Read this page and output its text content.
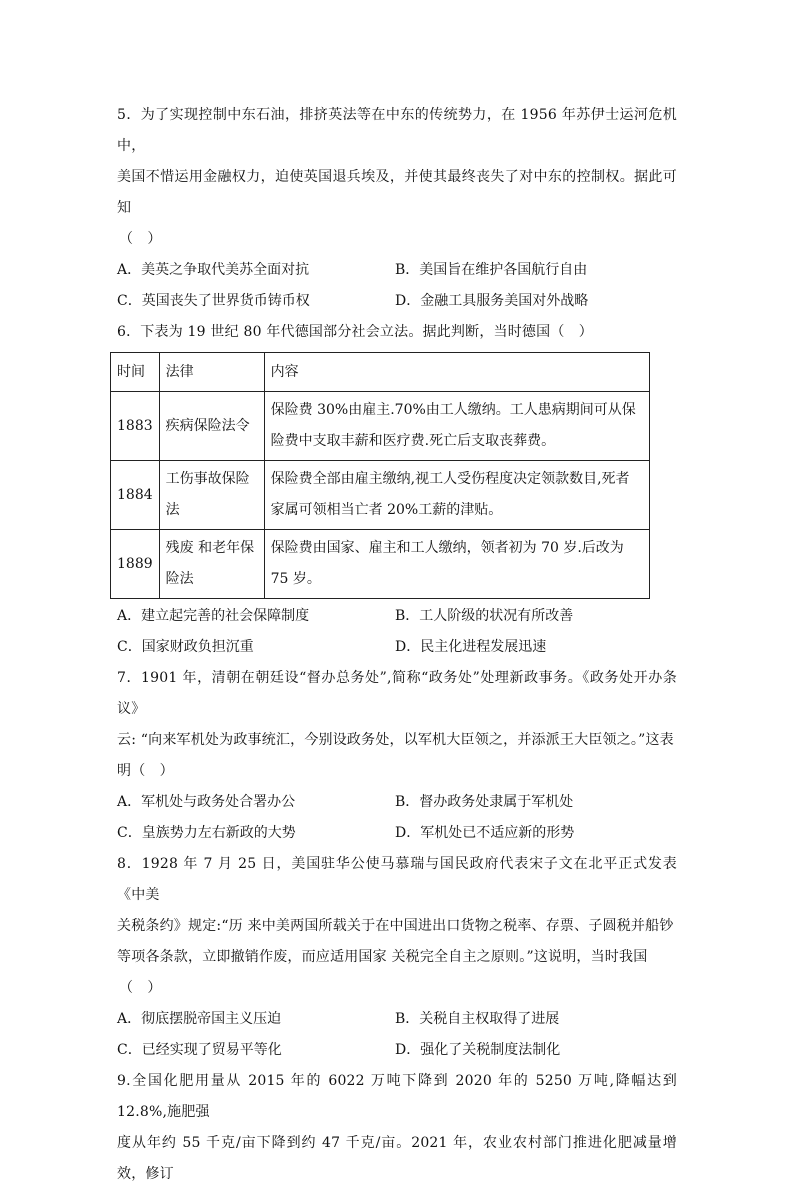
5．为了实现控制中东石油，排挤英法等在中东的传统势力，在 1956 年苏伊士运河危机中，

美国不惜运用金融权力，迫使英国退兵埃及，并使其最终丧失了对中东的控制权。据此可知

（　）

A．美英之争取代美苏全面对抗	B．美国旨在维护各国航行自由
C．英国丧失了世界货币铸币权	D．金融工具服务美国对外战略

6．下表为 19 世纪 80 年代德国部分社会立法。据此判断，当时德国（　）

时间	法律	内容
1883	疾病保险法令	保险费 30%由雇主.70%由工人缴纳。工人患病期间可从保险费中支取丰薪和医疗费.死亡后支取丧葬费。
1884	工伤事故保险法	保险费全部由雇主缴纳,视工人受伤程度决定领款数目,死者家属可领相当亡者 20%工薪的津贴。
1889	残废 和老年保险法	保险费由国家、雇主和工人缴纳，领者初为 70 岁.后改为 75 岁。
A．建立起完善的社会保障制度	B．工人阶级的状况有所改善
C．国家财政负担沉重	D．民主化进程发展迅速

7．1901 年，清朝在朝廷设“督办总务处”,简称“政务处”处理新政事务。《政务处开办条议》

云: “向来军机处为政事统汇，今别设政务处，以军机大臣领之，并添派王大臣领之。”这表

明（　）

A．军机处与政务处合署办公	B．督办政务处隶属于军机处
C．皇族势力左右新政的大势	D．军机处已不适应新的形势

8．1928 年 7 月 25 日，美国驻华公使马慕瑞与国民政府代表宋子文在北平正式发表《中美

关税条约》规定:“历 来中美两国所载关于在中国进出口货物之税率、存票、子圆税并船钞

等项各条款，立即撤销作废，而应适用国家 关税完全自主之原则。”这说明，当时我国

（　）

A．彻底摆脱帝国主义压迫	B．关税自主权取得了进展
C．已经实现了贸易平等化	D．强化了关税制度法制化

9.全国化肥用量从 2015 年的 6022 万吨下降到 2020 年的 5250 万吨,降幅达到 12.8%,施肥强

度从年约 55 千克/亩下降到约 47 千克/亩。2021 年，农业农村部门推进化肥减量增效，修订
